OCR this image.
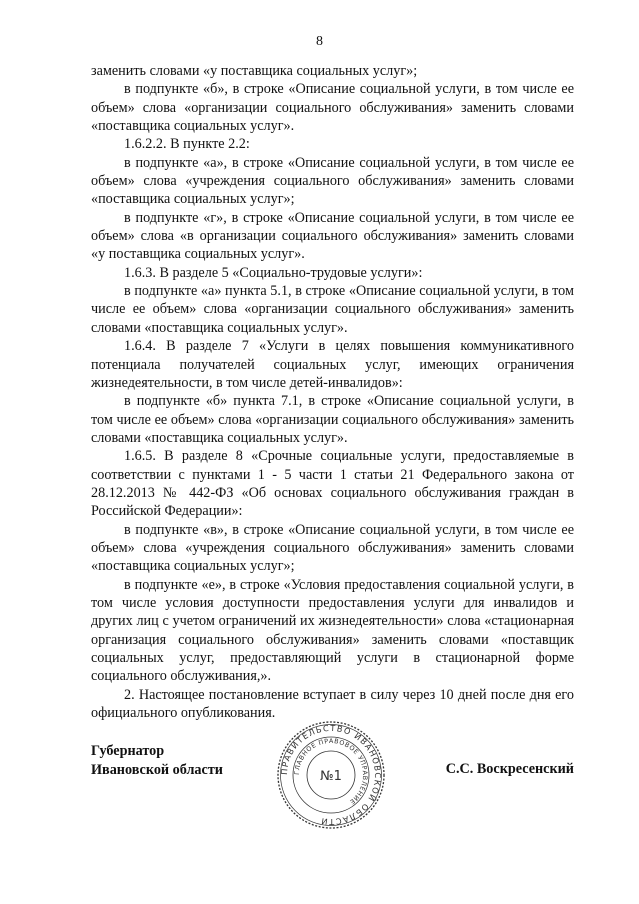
8

заменить словами «у поставщика социальных услуг»;

в подпункте «б», в строке «Описание социальной услуги, в том числе ее объем» слова «организации социального обслуживания» заменить словами «поставщика социальных услуг».

1.6.2.2. В пункте 2.2:

в подпункте «а», в строке «Описание социальной услуги, в том числе ее объем» слова «учреждения социального обслуживания» заменить словами «поставщика социальных услуг»;

в подпункте «г», в строке «Описание социальной услуги, в том числе ее объем» слова «в организации социального обслуживания» заменить словами «у поставщика социальных услуг».

1.6.3. В разделе 5 «Социально-трудовые услуги»:

в подпункте «а» пункта 5.1, в строке «Описание социальной услуги, в том числе ее объем» слова «организации социального обслуживания» заменить словами «поставщика социальных услуг».

1.6.4. В разделе 7 «Услуги в целях повышения коммуникативного потенциала получателей социальных услуг, имеющих ограничения жизнедеятельности, в том числе детей-инвалидов»:

в подпункте «б» пункта 7.1, в строке «Описание социальной услуги, в том числе ее объем» слова «организации социального обслуживания» заменить словами «поставщика социальных услуг».

1.6.5. В разделе 8 «Срочные социальные услуги, предоставляемые в соответствии с пунктами 1 - 5 части 1 статьи 21 Федерального закона от 28.12.2013 № 442-ФЗ «Об основах социального обслуживания граждан в Российской Федерации»:

в подпункте «в», в строке «Описание социальной услуги, в том числе ее объем» слова «учреждения социального обслуживания» заменить словами «поставщика социальных услуг»;

в подпункте «е», в строке «Условия предоставления социальной услуги, в том числе условия доступности предоставления услуги для инвалидов и других лиц с учетом ограничений их жизнедеятельности» слова «стационарная организация социального обслуживания» заменить словами «поставщик социальных услуг, предоставляющий услуги в стационарной форме социального обслуживания,».

2. Настоящее постановление вступает в силу через 10 дней после дня его официального опубликования.

Губернатор
Ивановской области	ПРАВИТЕЛЬСТВО ИВАНОВСКОЙ ОБЛАСТИ
ГЛАВНОЕ ПРАВОВОЕ УПРАВЛЕНИЕ
№1	С.С. Воскресенский
